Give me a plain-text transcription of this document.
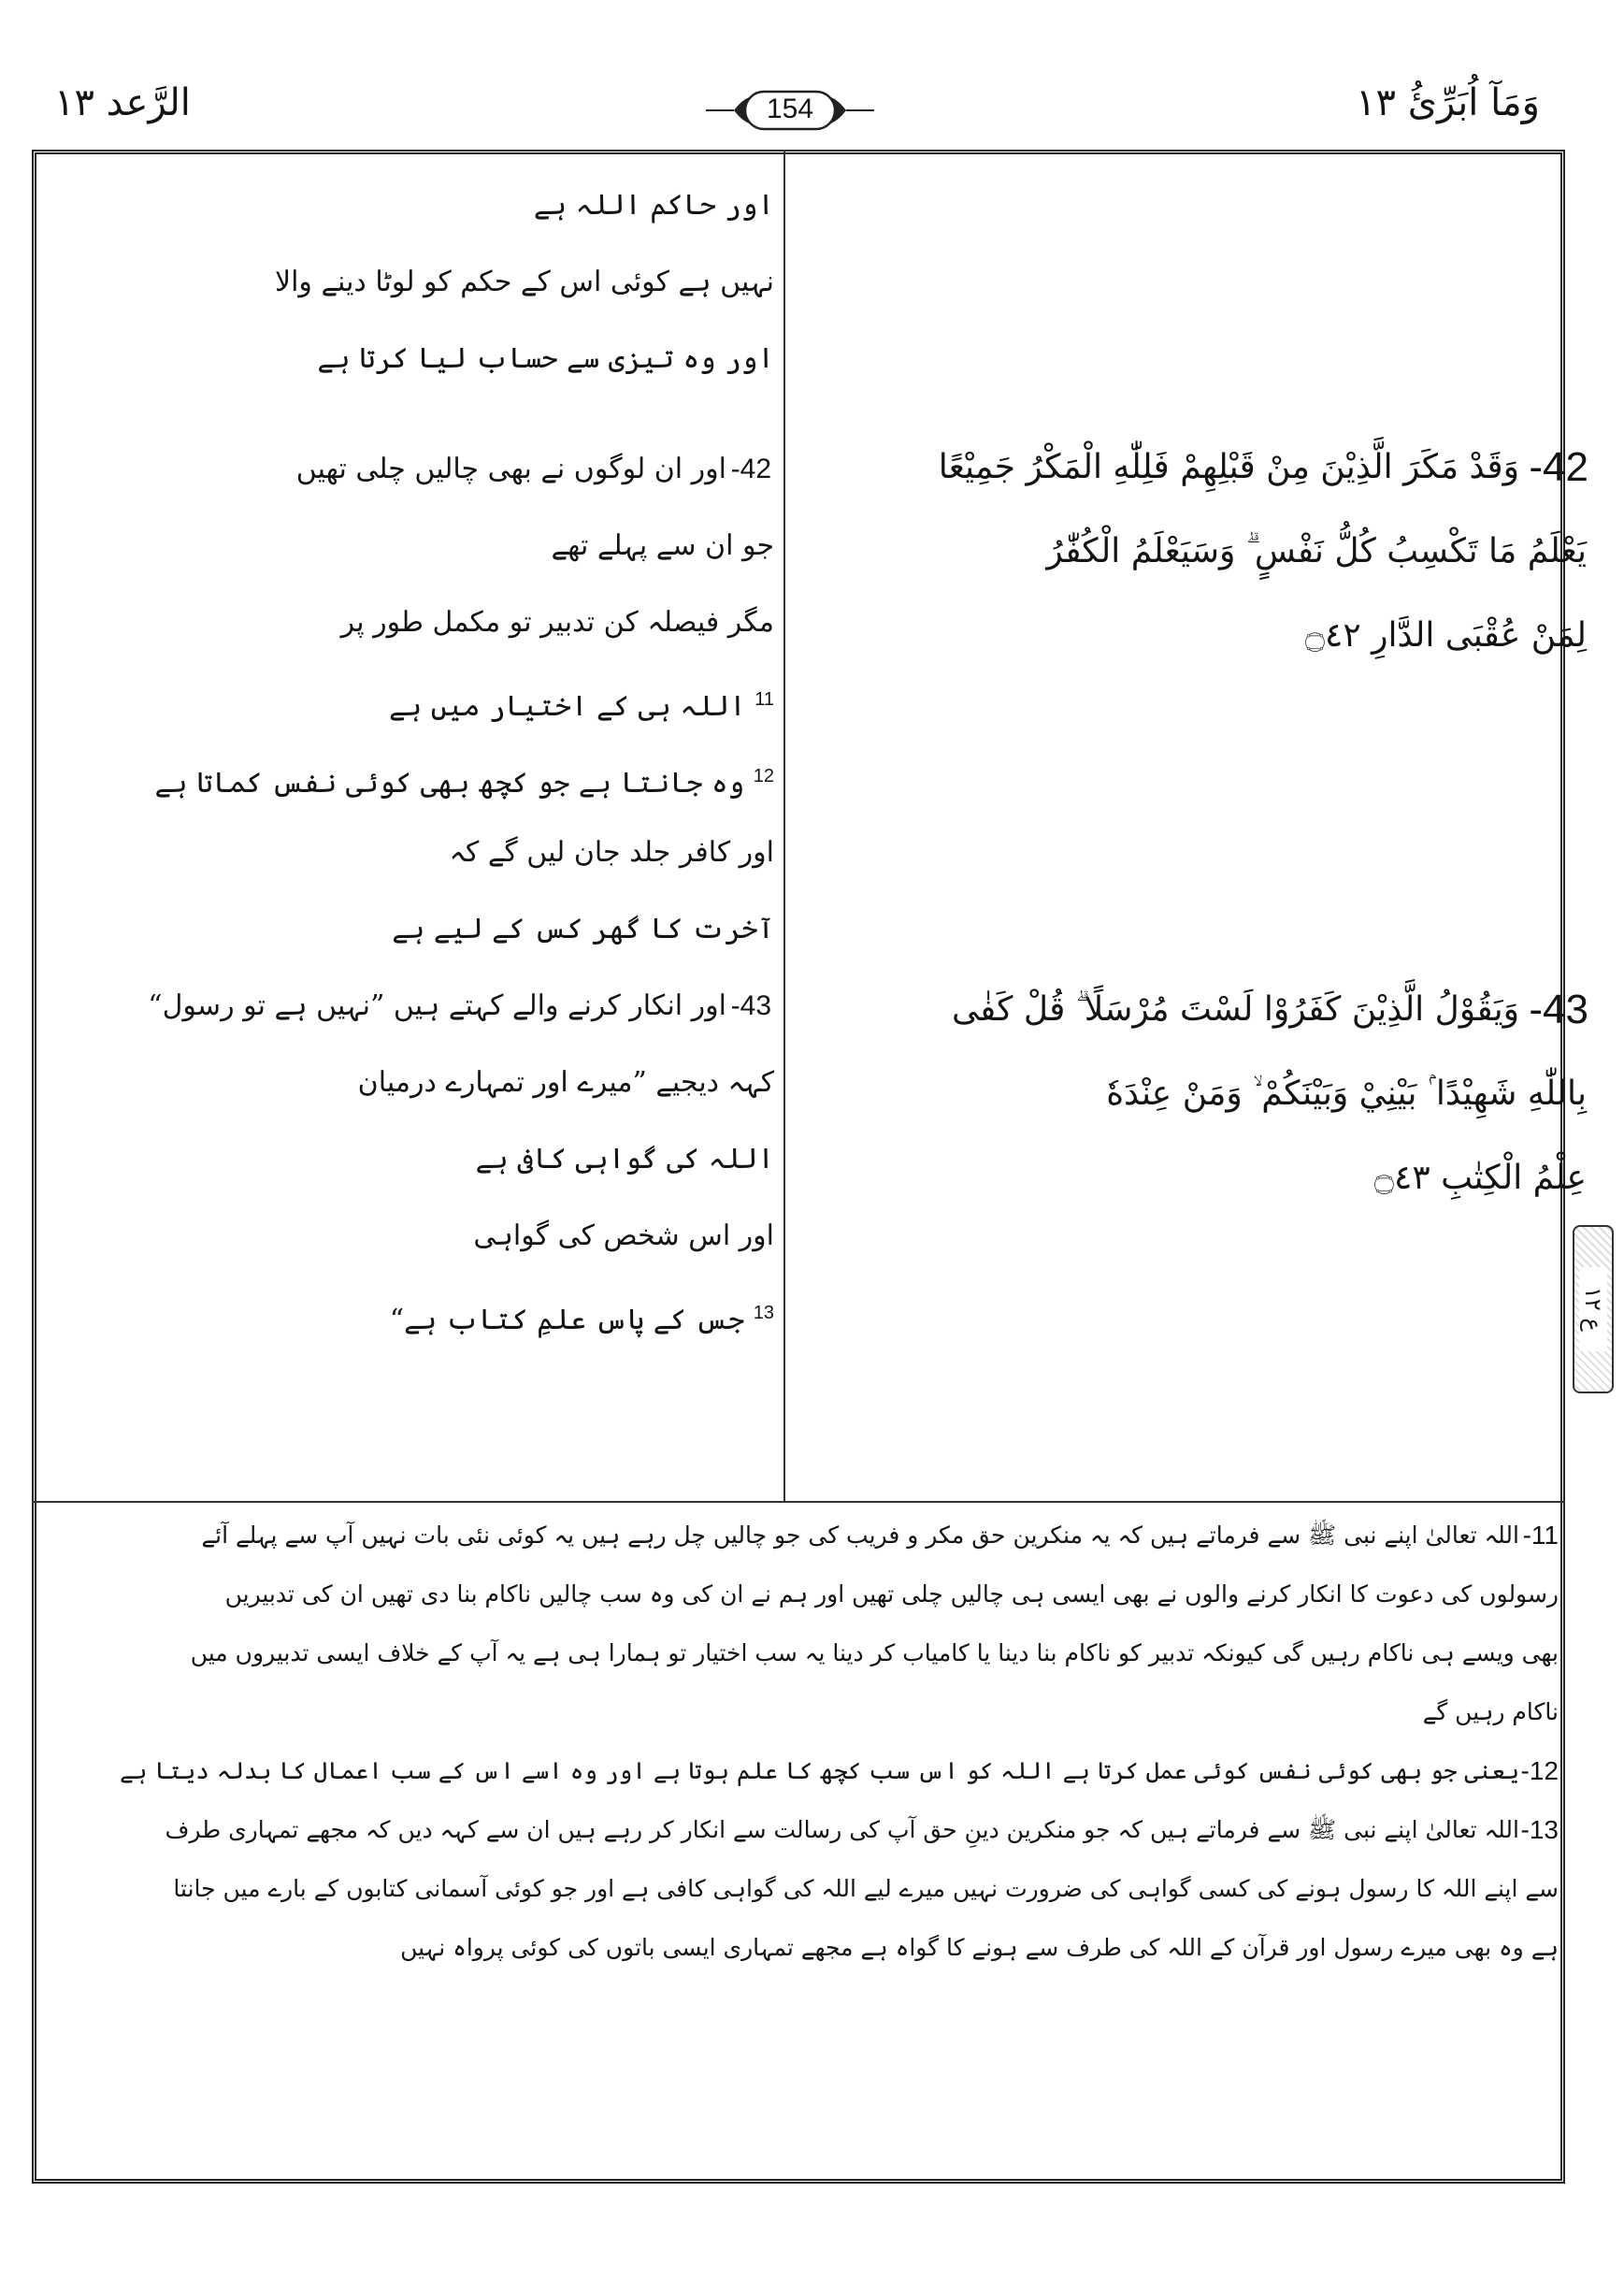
وَمَآ اُبَرِّئُ ۱۳
الرَّعد ۱۳	154
اور حاکم اللہ ہے
نہیں ہے کوئی اس کے حکم کو لوٹا دینے والا
اور وہ تیزی سے حساب لیا کرتا ہے
-42
اور ان لوگوں نے بھی چالیں چلی تھیں
جو ان سے پہلے تھے
مگر فیصلہ کن تدبیر تو مکمل طور پر
$^{11}$ اللہ ہی کے اختیار میں ہے
$^{12}$ وہ جانتا ہے جو کچھ بھی کوئی نفس کماتا ہے
اور کافر جلد جان لیں گے کہ
آخرت کا گھر کس کے لیے ہے
-43
اور انکار کرنے والے کہتے ہیں ”نہیں ہے تو رسول“
کہہ دیجیے ”میرے اور تمہارے درمیان
اللہ کی گواہی کافی ہے
اور اس شخص کی گواہی
$^{13}$ جس کے پاس علمِ کتاب ہے“
-42
وَقَدْ مَكَرَ الَّذِيْنَ مِنْ قَبْلِهِمْ فَلِلّٰهِ الْمَكْرُ جَمِيْعًا
يَعْلَمُ مَا تَكْسِبُ كُلُّ نَفْسٍ ۗ وَسَيَعْلَمُ الْكُفّٰرُ
لِمَنْ عُقْبَى الدَّارِ ۝٤٢
-43
وَيَقُوْلُ الَّذِيْنَ كَفَرُوْا لَسْتَ مُرْسَلًا ۗ قُلْ كَفٰى
بِاللّٰهِ شَهِيْدًا ۢ بَيْنِيْ وَبَيْنَكُمْ ۙ وَمَنْ عِنْدَهٗ
عِلْمُ الْكِتٰبِ ۝٤٣
ع ۱۲
-11
اللہ تعالیٰ اپنے نبی ﷺ سے فرماتے ہیں کہ یہ منکرین حق مکر و فریب کی جو چالیں چل رہے ہیں یہ کوئی نئی بات نہیں آپ سے پہلے آئے
رسولوں کی دعوت کا انکار کرنے والوں نے بھی ایسی ہی چالیں چلی تھیں اور ہم نے ان کی وہ سب چالیں ناکام بنا دی تھیں ان کی تدبیریں
بھی ویسے ہی ناکام رہیں گی کیونکہ تدبیر کو ناکام بنا دینا یا کامیاب کر دینا یہ سب اختیار تو ہمارا ہی ہے یہ آپ کے خلاف ایسی تدبیروں میں
ناکام رہیں گے
-12
یعنی جو بھی کوئی نفس کوئی عمل کرتا ہے اللہ کو اس سب کچھ کا علم ہوتا ہے اور وہ اسے اس کے سب اعمال کا بدلہ دیتا ہے
-13
اللہ تعالیٰ اپنے نبی ﷺ سے فرماتے ہیں کہ جو منکرین دینِ حق آپ کی رسالت سے انکار کر رہے ہیں ان سے کہہ دیں کہ مجھے تمہاری طرف
سے اپنے اللہ کا رسول ہونے کی کسی گواہی کی ضرورت نہیں میرے لیے اللہ کی گواہی کافی ہے اور جو کوئی آسمانی کتابوں کے بارے میں جانتا
ہے وہ بھی میرے رسول اور قرآن کے اللہ کی طرف سے ہونے کا گواہ ہے مجھے تمہاری ایسی باتوں کی کوئی پرواہ نہیں
